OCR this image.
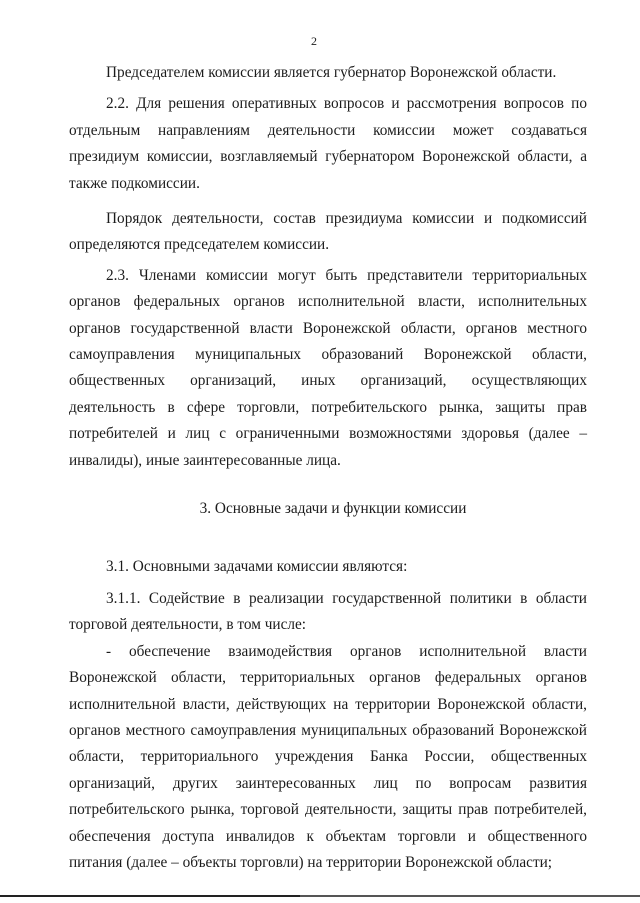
2

Председателем комиссии является губернатор Воронежской области.

2.2. Для решения оперативных вопросов и рассмотрения вопросов по отдельным направлениям деятельности комиссии может создаваться президиум комиссии, возглавляемый губернатором Воронежской области, а также подкомиссии.

Порядок деятельности, состав президиума комиссии и подкомиссий определяются председателем комиссии.

2.3. Членами комиссии могут быть представители территориальных органов федеральных органов исполнительной власти, исполнительных органов государственной власти Воронежской области, органов местного самоуправления муниципальных образований Воронежской области, общественных организаций, иных организаций, осуществляющих деятельность в сфере торговли, потребительского рынка, защиты прав потребителей и лиц с ограниченными возможностями здоровья (далее – инвалиды), иные заинтересованные лица.

3. Основные задачи и функции комиссии

3.1. Основными задачами комиссии являются:

3.1.1. Содействие в реализации государственной политики в области торговой деятельности, в том числе:

- обеспечение взаимодействия органов исполнительной власти Воронежской области, территориальных органов федеральных органов исполнительной власти, действующих на территории Воронежской области, органов местного самоуправления муниципальных образований Воронежской области, территориального учреждения Банка России, общественных организаций, других заинтересованных лиц по вопросам развития потребительского рынка, торговой деятельности, защиты прав потребителей, обеспечения доступа инвалидов к объектам торговли и общественного питания (далее – объекты торговли) на территории Воронежской области;
